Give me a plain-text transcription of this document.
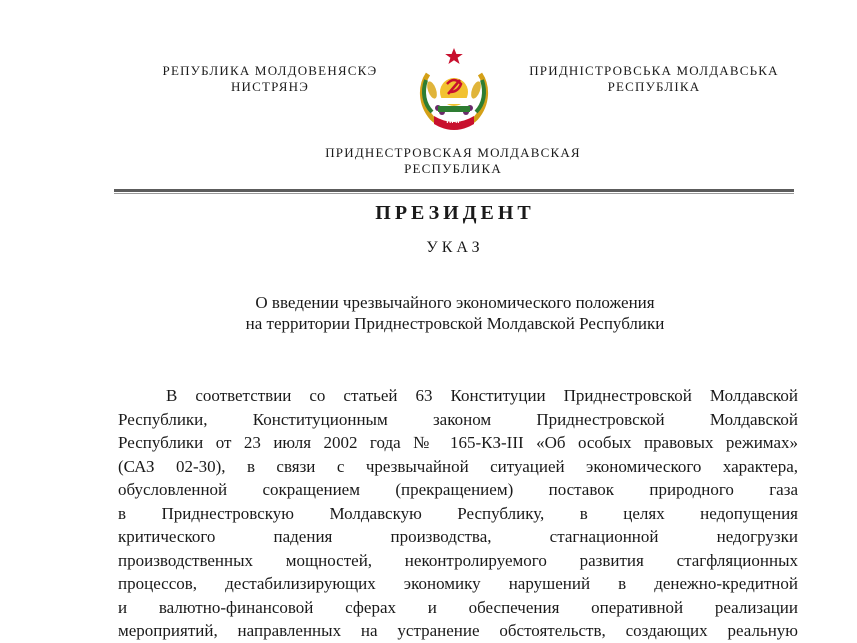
РЕПУБЛИКА МОЛДОВЕНЯСКЭ
НИСТРЯНЭ
ПМР
ПРИДНІСТРОВСЬКА МОЛДАВСЬКА
РЕСПУБЛІКА
ПРИДНЕСТРОВСКАЯ МОЛДАВСКАЯ
РЕСПУБЛИКА
ПРЕЗИДЕНТ
УКАЗ
О введении чрезвычайного экономического положения
на территории Приднестровской Молдавской Республики
В соответствии со статьей 63 Конституции Приднестровской Молдавской
Республики, Конституционным законом Приднестровской Молдавской
Республики от 23 июля 2002 года № 165-КЗ-III «Об особых правовых режимах»
(САЗ 02-30), в связи с чрезвычайной ситуацией экономического характера,
обусловленной сокращением (прекращением) поставок природного газа
в Приднестровскую Молдавскую Республику, в целях недопущения
критического падения производства, стагнационной недогрузки
производственных мощностей, неконтролируемого развития стагфляционных
процессов, дестабилизирующих экономику нарушений в денежно-кредитной
и валютно-финансовой сферах и обеспечения оперативной реализации
мероприятий, направленных на устранение обстоятельств, создающих реальную
